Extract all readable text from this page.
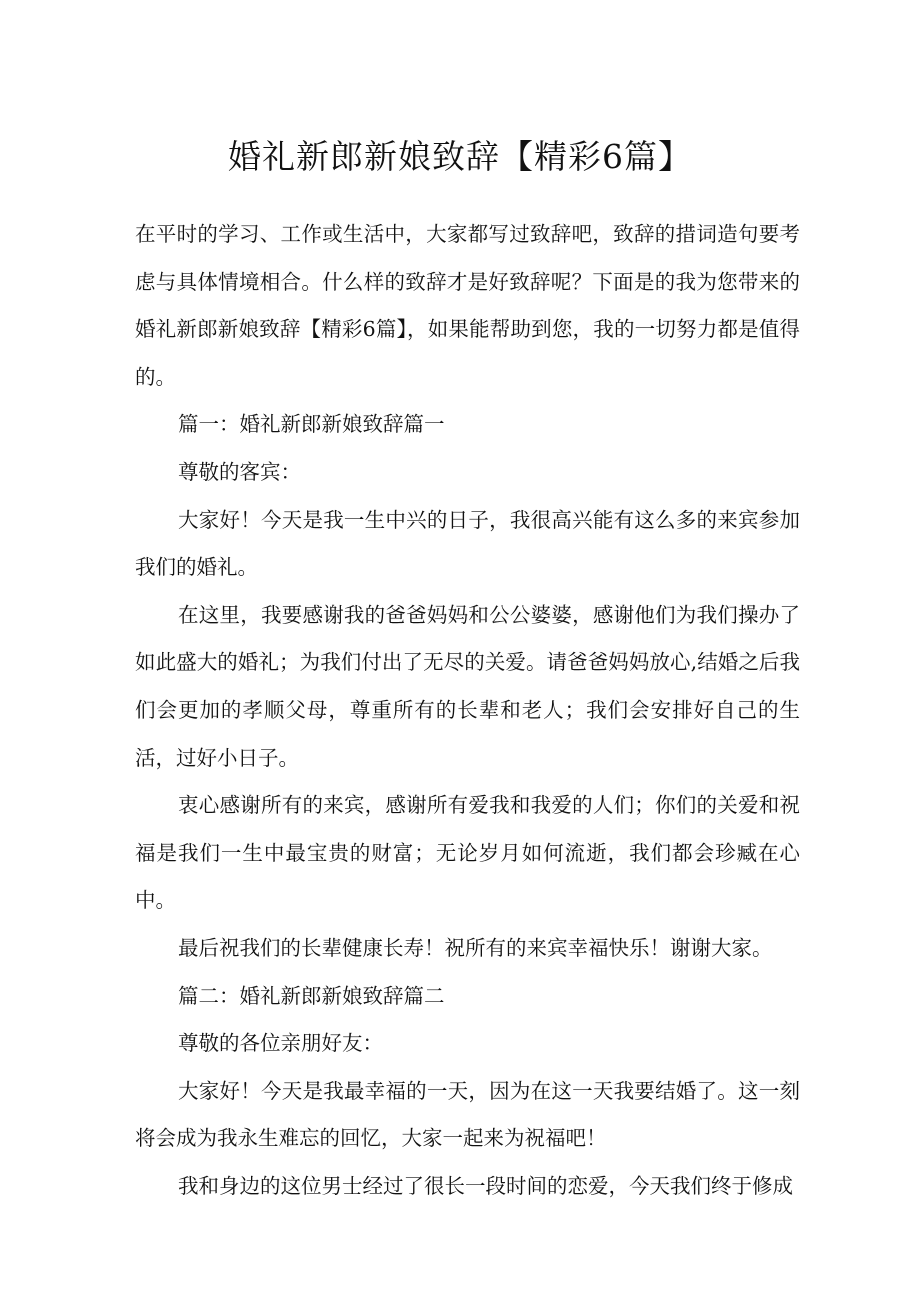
婚礼新郎新娘致辞【精彩6篇】

在平时的学习、工作或生活中，大家都写过致辞吧，致辞的措词造句要考虑与具体情境相合。什么样的致辞才是好致辞呢？下面是的我为您带来的婚礼新郎新娘致辞【精彩6篇】，如果能帮助到您，我的一切努力都是值得的。

篇一：婚礼新郎新娘致辞篇一

尊敬的客宾：

大家好！今天是我一生中兴的日子，我很高兴能有这么多的来宾参加我们的婚礼。

在这里，我要感谢我的爸爸妈妈和公公婆婆，感谢他们为我们操办了如此盛大的婚礼；为我们付出了无尽的关爱。请爸爸妈妈放心,结婚之后我们会更加的孝顺父母，尊重所有的长辈和老人；我们会安排好自己的生活，过好小日子。

衷心感谢所有的来宾，感谢所有爱我和我爱的人们；你们的关爱和祝福是我们一生中最宝贵的财富；无论岁月如何流逝，我们都会珍臧在心中。

最后祝我们的长辈健康长寿！祝所有的来宾幸福快乐！谢谢大家。

篇二：婚礼新郎新娘致辞篇二

尊敬的各位亲朋好友：

大家好！今天是我最幸福的一天，因为在这一天我要结婚了。这一刻将会成为我永生难忘的回忆，大家一起来为祝福吧！

我和身边的这位男士经过了很长一段时间的恋爱，今天我们终于修成
